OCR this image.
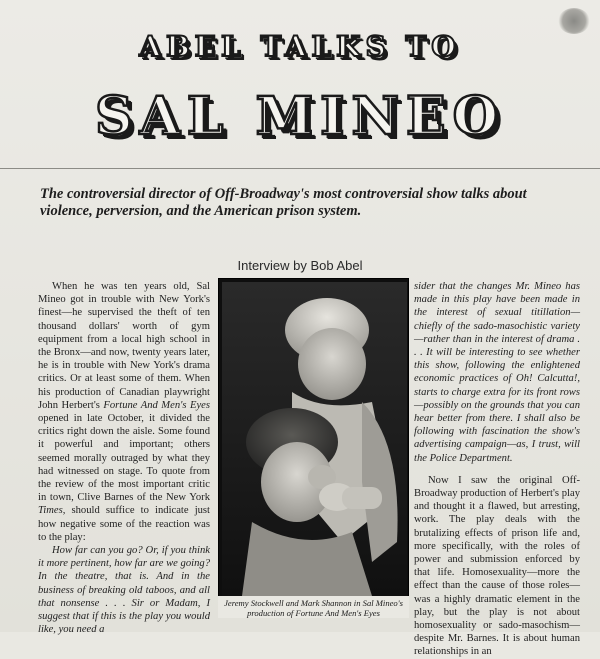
ABEL TALKS TO
SAL MINEO
The controversial director of Off-Broadway's most controversial show talks about violence, perversion, and the American prison system.
Interview by Bob Abel

When he was ten years old, Sal Mineo got in trouble with New York's finest—he supervised the theft of ten thousand dollars' worth of gym equipment from a local high school in the Bronx—and now, twenty years later, he is in trouble with New York's drama critics. Or at least some of them. When his production of Canadian playwright John Herbert's Fortune And Men's Eyes opened in late October, it divided the critics right down the aisle. Some found it powerful and important; others seemed morally outraged by what they had witnessed on stage. To quote from the review of the most important critic in town, Clive Barnes of the New York Times, should suffice to indicate just how negative some of the reaction was to the play:

How far can you go? Or, if you think it more pertinent, how far are we going? In the theatre, that is. And in the business of breaking old taboos, and all that nonsense . . . Sir or Madam, I suggest that if this is the play you would like, you need a

Jeremy Stockwell and Mark Shannon in Sal Mineo's production of Fortune And Men's Eyes

sider that the changes Mr. Mineo has made in this play have been made in the interest of sexual titillation—chiefly of the sado-masochistic variety—rather than in the interest of drama . . . It will be interesting to see whether this show, following the enlightened economic practices of Oh! Calcutta!, starts to charge extra for its front rows—possibly on the grounds that you can hear better from there. I shall also be following with fascination the show's advertising campaign—as, I trust, will the Police Department.

Now I saw the original Off-Broadway production of Herbert's play and thought it a flawed, but arresting, work. The play deals with the brutalizing effects of prison life and, more specifically, with the roles of power and submission enforced by that life. Homosexuality—more the effect than the cause of those roles—was a highly dramatic element in the play, but the play is not about homosexuality or sado-masochism—despite Mr. Barnes. It is about human relationships in an
